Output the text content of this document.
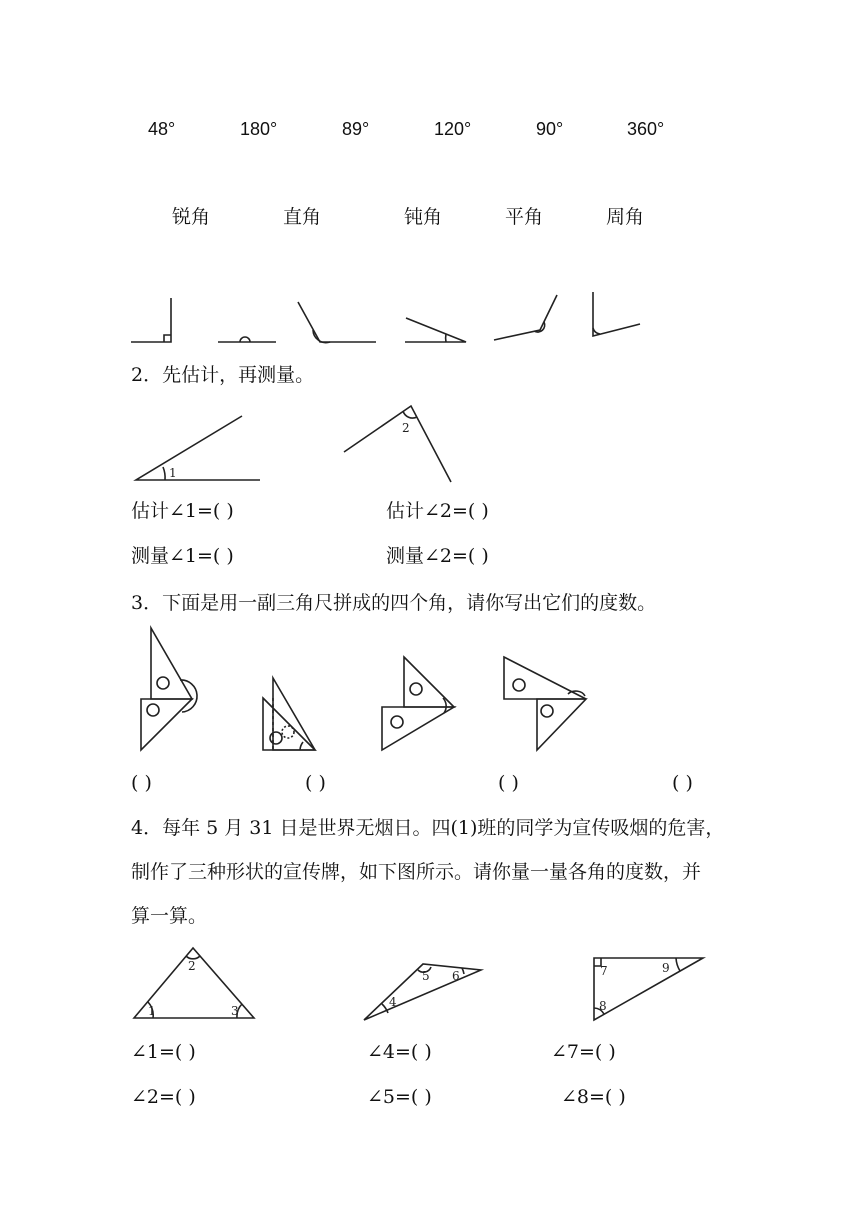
48°	180°	89°	120°	90°	360°
锐角	直角	钝角	平角	周角
2．先估计，再测量。
1
2
估计∠1=( )	估计∠2=( )
测量∠1=( )	测量∠2=( )
3．下面是用一副三角尺拼成的四个角，请你写出它们的度数。
( )	( )	( )	( )
4．每年 5 月 31 日是世界无烟日。四(1)班的同学为宣传吸烟的危害，
制作了三种形状的宣传牌，如下图所示。请你量一量各角的度数，并
算一算。
1
2
3
4
5 6	7
8
9
∠1=( )	∠4=( )	∠7=( )
∠2=( )	∠5=( )	∠8=( )
